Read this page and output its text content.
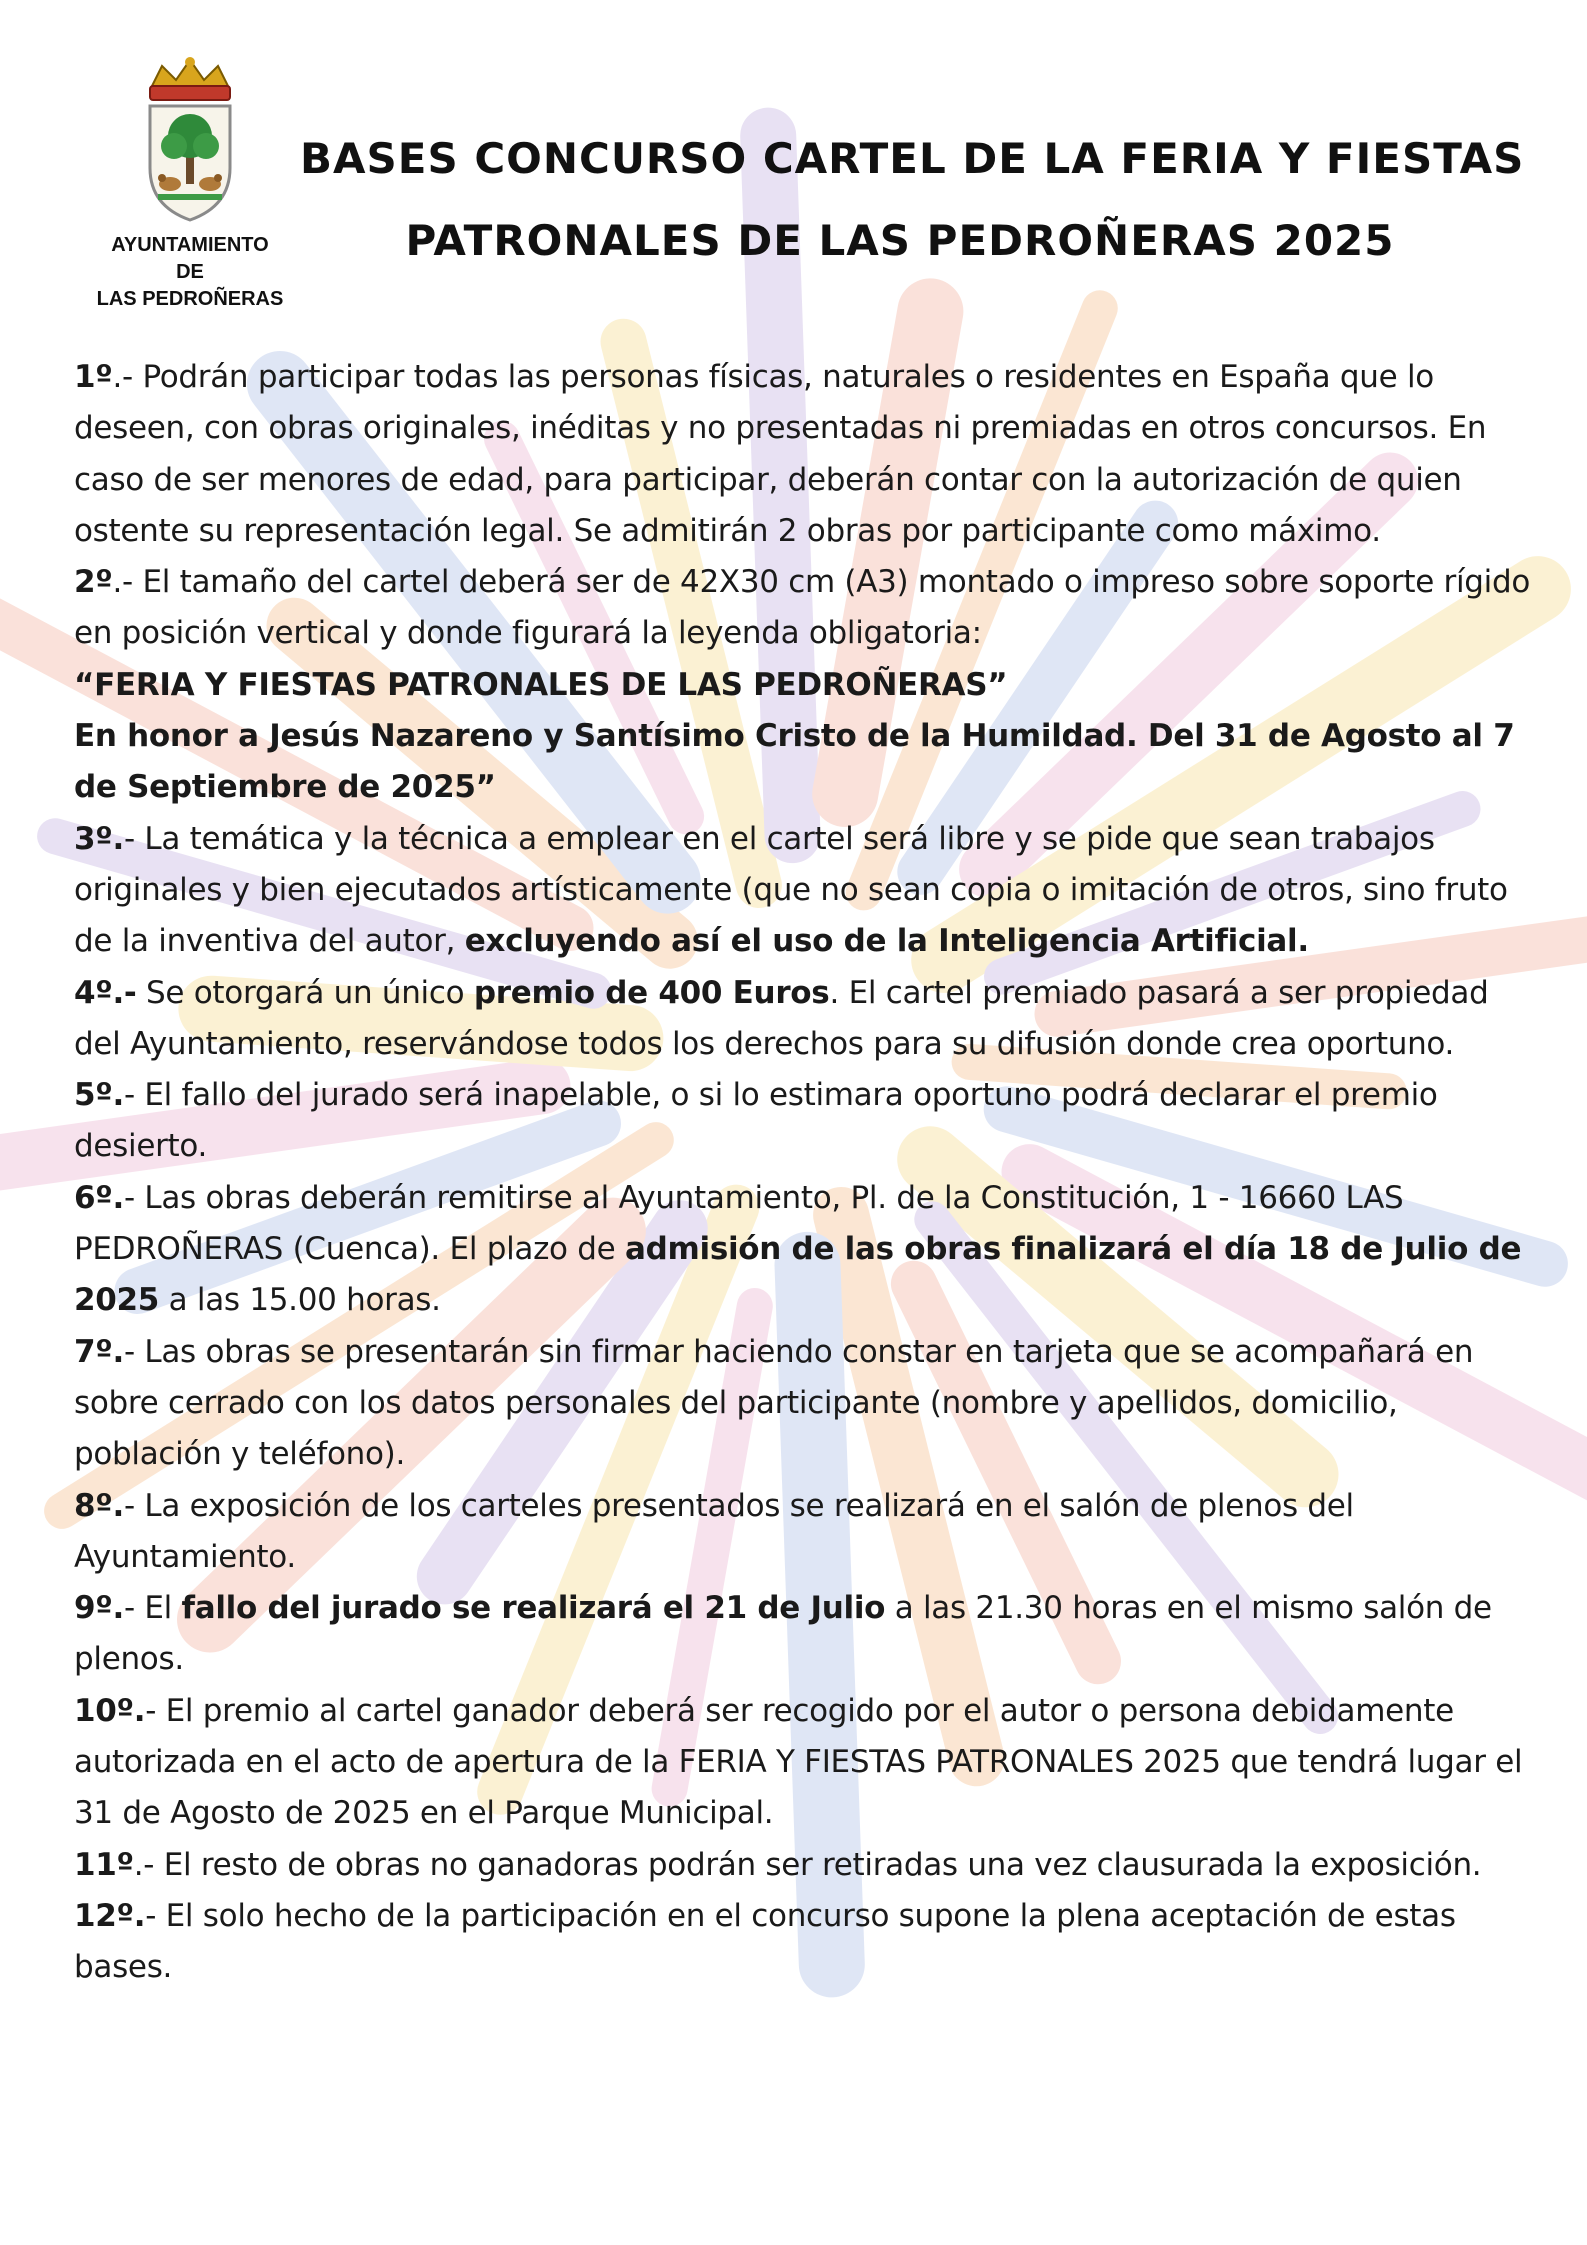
AYUNTAMIENTO
DE
LAS PEDROÑERAS
BASES CONCURSO CARTEL DE LA FERIA Y FIESTAS
PATRONALES DE LAS PEDROÑERAS 2025

1º.- Podrán participar todas las personas físicas, naturales o residentes en España que lo deseen, con obras originales, inéditas y no presentadas ni premiadas en otros concursos. En caso de ser menores de edad, para participar, deberán contar con la autorización de quien ostente su representación legal. Se admitirán 2 obras por participante como máximo.

2º.- El tamaño del cartel deberá ser de 42X30 cm (A3) montado o impreso sobre soporte rígido en posición vertical y donde figurará la leyenda obligatoria:

“FERIA Y FIESTAS PATRONALES DE LAS PEDROÑERAS”

En honor a Jesús Nazareno y Santísimo Cristo de la Humildad. Del 31 de Agosto al 7 de Septiembre de 2025”

3º.- La temática y la técnica a emplear en el cartel será libre y se pide que sean trabajos originales y bien ejecutados artísticamente (que no sean copia o imitación de otros, sino fruto de la inventiva del autor, excluyendo así el uso de la Inteligencia Artificial.

4º.- Se otorgará un único premio de 400 Euros. El cartel premiado pasará a ser propiedad del Ayuntamiento, reservándose todos los derechos para su difusión donde crea oportuno.

5º.- El fallo del jurado será inapelable, o si lo estimara oportuno podrá declarar el premio desierto.

6º.- Las obras deberán remitirse al Ayuntamiento, Pl. de la Constitución, 1 - 16660 LAS PEDROÑERAS (Cuenca). El plazo de admisión de las obras finalizará el día 18 de Julio de 2025 a las 15.00 horas.

7º.- Las obras se presentarán sin firmar haciendo constar en tarjeta que se acompañará en sobre cerrado con los datos personales del participante (nombre y apellidos, domicilio, población y teléfono).

8º.- La exposición de los carteles presentados se realizará en el salón de plenos del Ayuntamiento.

9º.- El fallo del jurado se realizará el 21 de Julio a las 21.30 horas en el mismo salón de plenos.

10º.- El premio al cartel ganador deberá ser recogido por el autor o persona debidamente autorizada en el acto de apertura de la FERIA Y FIESTAS PATRONALES 2025 que tendrá lugar el 31 de Agosto de 2025 en el Parque Municipal.

11º.- El resto de obras no ganadoras podrán ser retiradas una vez clausurada la exposición.

12º.- El solo hecho de la participación en el concurso supone la plena aceptación de estas bases.
